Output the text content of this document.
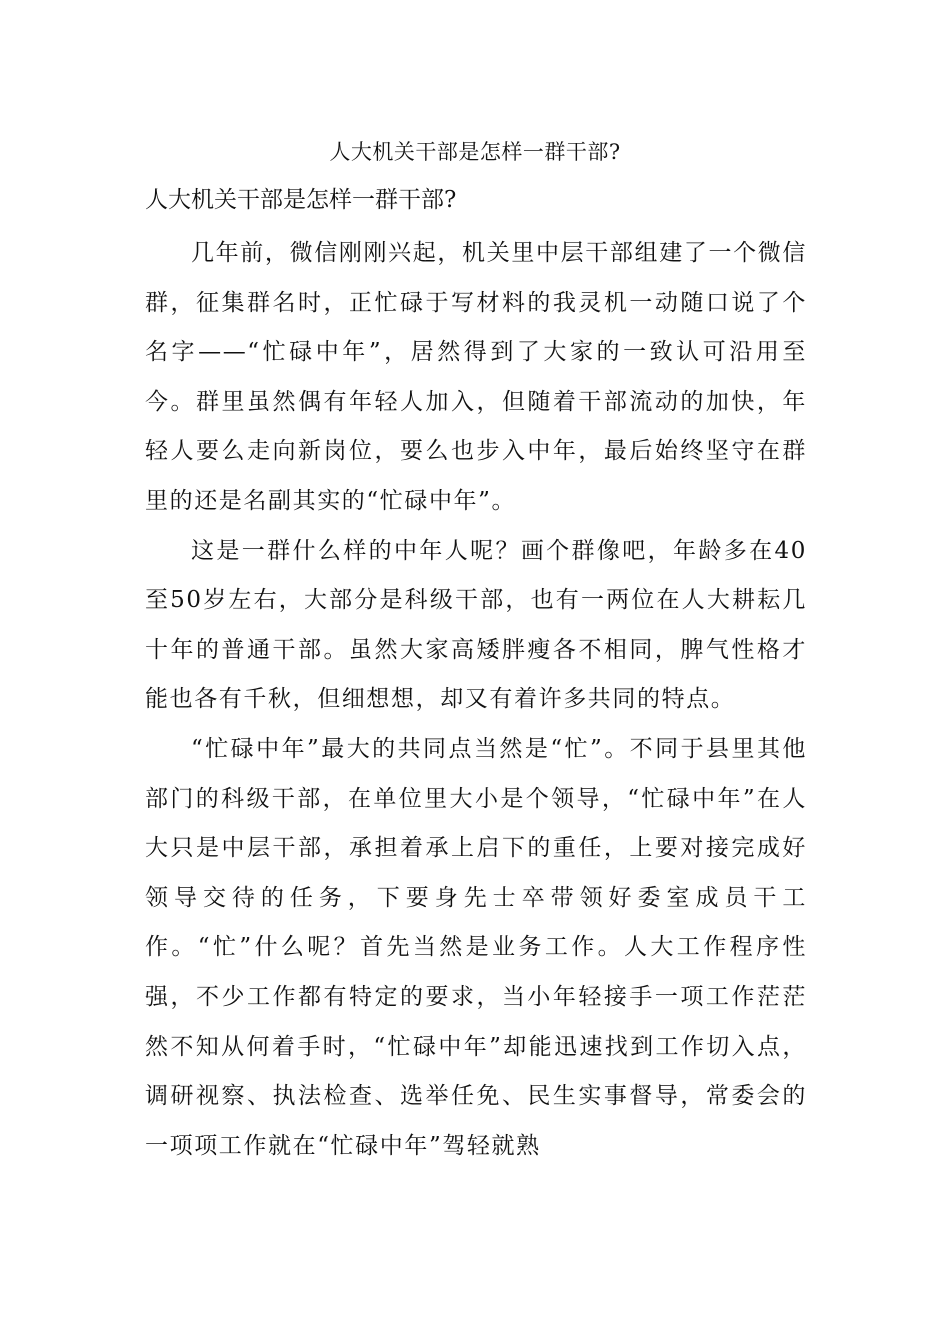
人大机关干部是怎样一群干部?
人大机关干部是怎样一群干部?

几年前，微信刚刚兴起，机关里中层干部组建了一个微信群，征集群名时，正忙碌于写材料的我灵机一动随口说了个名字——“忙碌中年”，居然得到了大家的一致认可沿用至今。群里虽然偶有年轻人加入，但随着干部流动的加快，年轻人要么走向新岗位，要么也步入中年，最后始终坚守在群里的还是名副其实的“忙碌中年”。

这是一群什么样的中年人呢？画个群像吧，年龄多在40至50岁左右，大部分是科级干部，也有一两位在人大耕耘几十年的普通干部。虽然大家高矮胖瘦各不相同，脾气性格才能也各有千秋，但细想想，却又有着许多共同的特点。

“忙碌中年”最大的共同点当然是“忙”。不同于县里其他部门的科级干部，在单位里大小是个领导，“忙碌中年”在人大只是中层干部，承担着承上启下的重任，上要对接完成好领导交待的任务，下要身先士卒带领好委室成员干工作。“忙”什么呢？首先当然是业务工作。人大工作程序性强，不少工作都有特定的要求，当小年轻接手一项工作茫茫然不知从何着手时，“忙碌中年”却能迅速找到工作切入点，调研视察、执法检查、选举任免、民生实事督导，常委会的一项项工作就在“忙碌中年”驾轻就熟
